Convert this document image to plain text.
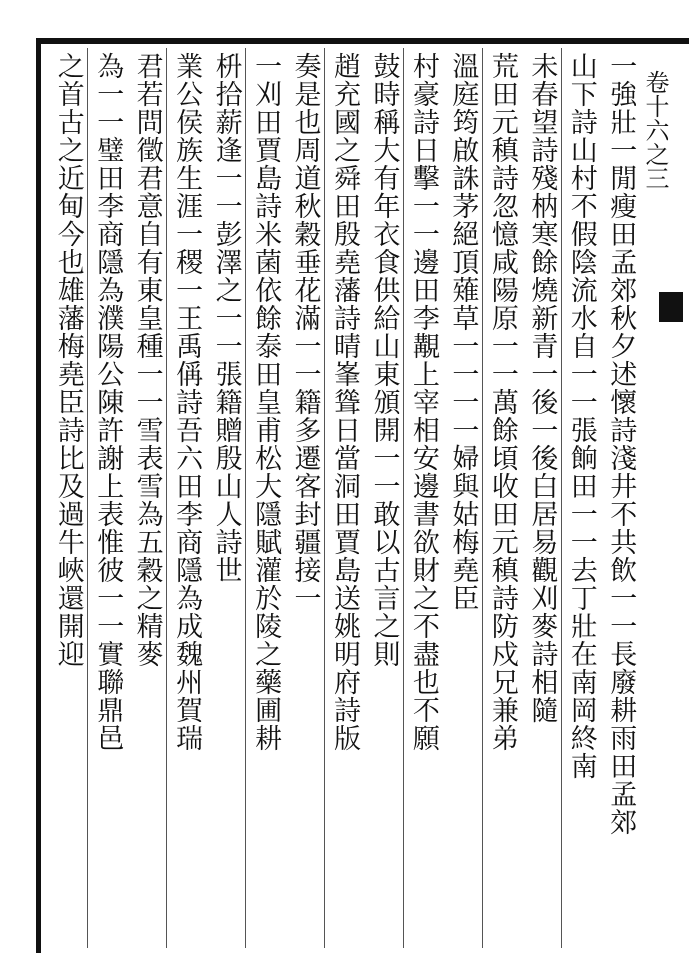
卷十六之三
一強壯一閒瘦田孟郊秋夕述懷詩淺井不共飲一一長廢耕雨田孟郊
山下詩山村不假陰流水自一一張餉田一一去丁壯在南岡終南
未春望詩殘枘寒餘燒新青一後一後白居易觀刈麥詩相隨
荒田元稹詩忽憶咸陽原一一萬餘頃收田元稹詩防戍兄兼弟
溫庭筠啟誅茅絕頂薙草一一一一婦與姑梅堯臣
村豪詩日擊一一邊田李覯上宰相安邊書欲財之不盡也不願
鼓時稱大有年衣食供給山東頒開一一敢以古言之則
趙充國之舜田殷堯藩詩晴峯聳日當洞田賈島送姚明府詩版
奏是也周道秋穀垂花滿一一籍多遷客封疆接一
一刈田賈島詩米菌依餘泰田皇甫松大隱賦灌於陵之藥圃耕
枡拾薪逢一一彭澤之一一張籍贈殷山人詩世
業公侯族生涯一稷一王禹偁詩吾六田李商隱為成魏州賀瑞
君若問徵君意自有東皇種一一雪表雪為五穀之精麥
為一一璧田李商隱為濮陽公陳許謝上表惟彼一一實聯鼎邑
之首古之近甸今也雄藩梅堯臣詩比及過牛峽還開迎
